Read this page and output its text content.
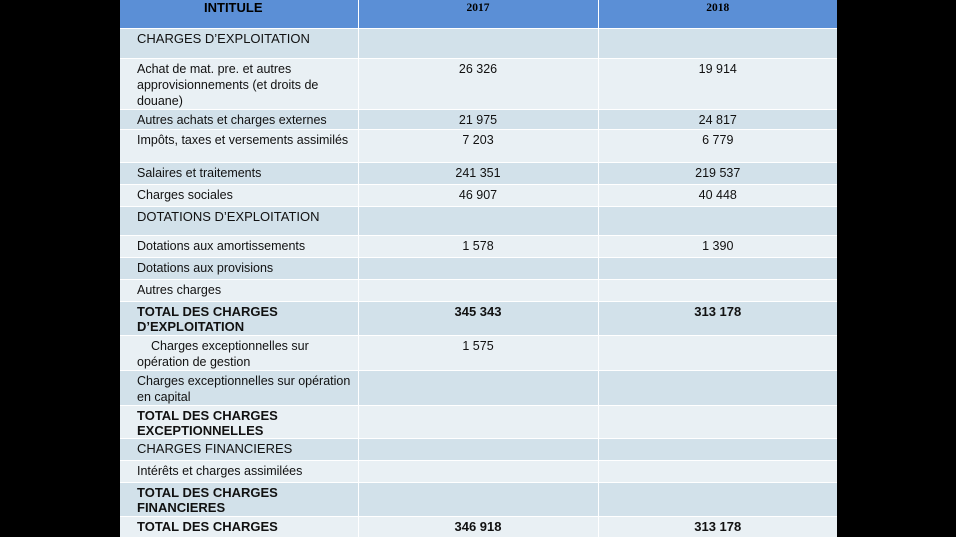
INTITULE	2017	2018
CHARGES D’EXPLOITATION		
Achat de mat. pre. et autres approvisionnements (et droits de douane)	26 326	19 914
Autres achats et charges externes	21 975	24 817
Impôts, taxes et versements assimilés	7 203	6 779
Salaires et traitements	241 351	219 537
Charges sociales	46 907	40 448
DOTATIONS D’EXPLOITATION		
Dotations aux amortissements	1 578	1 390
Dotations aux provisions		
Autres charges		
TOTAL DES CHARGES D’EXPLOITATION	345 343	313 178
Charges exceptionnelles sur opération de gestion	1 575	
Charges exceptionnelles sur opération en capital		
TOTAL DES CHARGES EXCEPTIONNELLES		
CHARGES FINANCIERES		
Intérêts et charges assimilées		
TOTAL DES CHARGES FINANCIERES		
TOTAL DES CHARGES	346 918	313 178
